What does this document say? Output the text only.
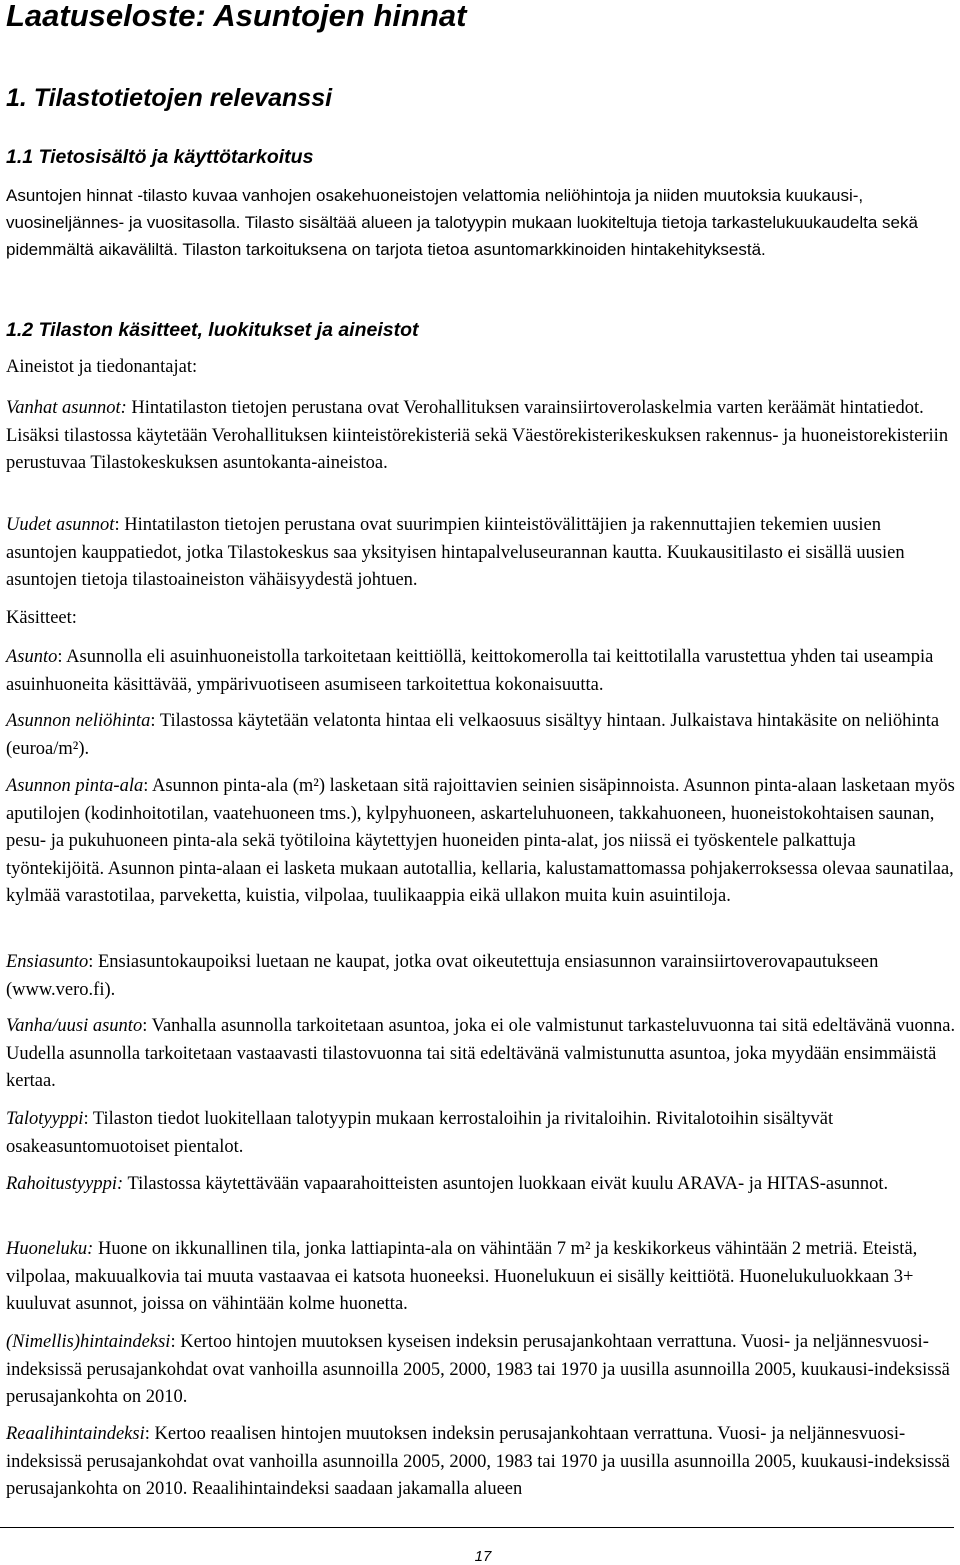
Laatuseloste: Asuntojen hinnat
1. Tilastotietojen relevanssi
1.1 Tietosisältö ja käyttötarkoitus

Asuntojen hinnat -tilasto kuvaa vanhojen osakehuoneistojen velattomia neliöhintoja ja niiden muutoksia kuukausi-, vuosineljännes- ja vuositasolla. Tilasto sisältää alueen ja talotyypin mukaan luokiteltuja tietoja tarkastelukuukaudelta sekä pidemmältä aikaväliltä. Tilaston tarkoituksena on tarjota tietoa asuntomarkkinoiden hintakehityksestä.

1.2 Tilaston käsitteet, luokitukset ja aineistot

Aineistot ja tiedonantajat:

Vanhat asunnot: Hintatilaston tietojen perustana ovat Verohallituksen varainsiirtoverolaskelmia varten keräämät hintatiedot. Lisäksi tilastossa käytetään Verohallituksen kiinteistörekisteriä sekä Väestörekisterikeskuksen rakennus- ja huoneistorekisteriin perustuvaa Tilastokeskuksen asuntokanta-aineistoa.

Uudet asunnot: Hintatilaston tietojen perustana ovat suurimpien kiinteistövälittäjien ja rakennuttajien tekemien uusien asuntojen kauppatiedot, jotka Tilastokeskus saa yksityisen hintapalveluseurannan kautta. Kuukausitilasto ei sisällä uusien asuntojen tietoja tilastoaineiston vähäisyydestä johtuen.

Käsitteet:

Asunto: Asunnolla eli asuinhuoneistolla tarkoitetaan keittiöllä, keittokomerolla tai keittotilalla varustettua yhden tai useampia asuinhuoneita käsittävää, ympärivuotiseen asumiseen tarkoitettua kokonaisuutta.

Asunnon neliöhinta: Tilastossa käytetään velatonta hintaa eli velkaosuus sisältyy hintaan. Julkaistava hintakäsite on neliöhinta (euroa/m²).

Asunnon pinta-ala: Asunnon pinta-ala (m²) lasketaan sitä rajoittavien seinien sisäpinnoista. Asunnon pinta-alaan lasketaan myös aputilojen (kodinhoitotilan, vaatehuoneen tms.), kylpyhuoneen, askarteluhuoneen, takkahuoneen, huoneistokohtaisen saunan, pesu- ja pukuhuoneen pinta-ala sekä työtiloina käytettyjen huoneiden pinta-alat, jos niissä ei työskentele palkattuja työntekijöitä. Asunnon pinta-alaan ei lasketa mukaan autotallia, kellaria, kalustamattomassa pohjakerroksessa olevaa saunatilaa, kylmää varastotilaa, parveketta, kuistia, vilpolaa, tuulikaappia eikä ullakon muita kuin asuintiloja.

Ensiasunto: Ensiasuntokaupoiksi luetaan ne kaupat, jotka ovat oikeutettuja ensiasunnon varainsiirtoverovapautukseen (www.vero.fi).

Vanha/uusi asunto: Vanhalla asunnolla tarkoitetaan asuntoa, joka ei ole valmistunut tarkasteluvuonna tai sitä edeltävänä vuonna. Uudella asunnolla tarkoitetaan vastaavasti tilastovuonna tai sitä edeltävänä valmistunutta asuntoa, joka myydään ensimmäistä kertaa.

Talotyyppi: Tilaston tiedot luokitellaan talotyypin mukaan kerrostaloihin ja rivitaloihin. Rivitalotoihin sisältyvät osakeasuntomuotoiset pientalot.

Rahoitustyyppi: Tilastossa käytettävään vapaarahoitteisten asuntojen luokkaan eivät kuulu ARAVA- ja HITAS-asunnot.

Huoneluku: Huone on ikkunallinen tila, jonka lattiapinta-ala on vähintään 7 m² ja keskikorkeus vähintään 2 metriä. Eteistä, vilpolaa, makuualkovia tai muuta vastaavaa ei katsota huoneeksi. Huonelukuun ei sisälly keittiötä. Huonelukuluokkaan 3+ kuuluvat asunnot, joissa on vähintään kolme huonetta.

(Nimellis)hintaindeksi: Kertoo hintojen muutoksen kyseisen indeksin perusajankohtaan verrattuna. Vuosi- ja neljännesvuosi-indeksissä perusajankohdat ovat vanhoilla asunnoilla 2005, 2000, 1983 tai 1970 ja uusilla asunnoilla 2005, kuukausi-indeksissä perusajankohta on 2010.

Reaalihintaindeksi: Kertoo reaalisen hintojen muutoksen indeksin perusajankohtaan verrattuna. Vuosi- ja neljännesvuosi-indeksissä perusajankohdat ovat vanhoilla asunnoilla 2005, 2000, 1983 tai 1970 ja uusilla asunnoilla 2005, kuukausi-indeksissä perusajankohta on 2010. Reaalihintaindeksi saadaan jakamalla alueen

17
